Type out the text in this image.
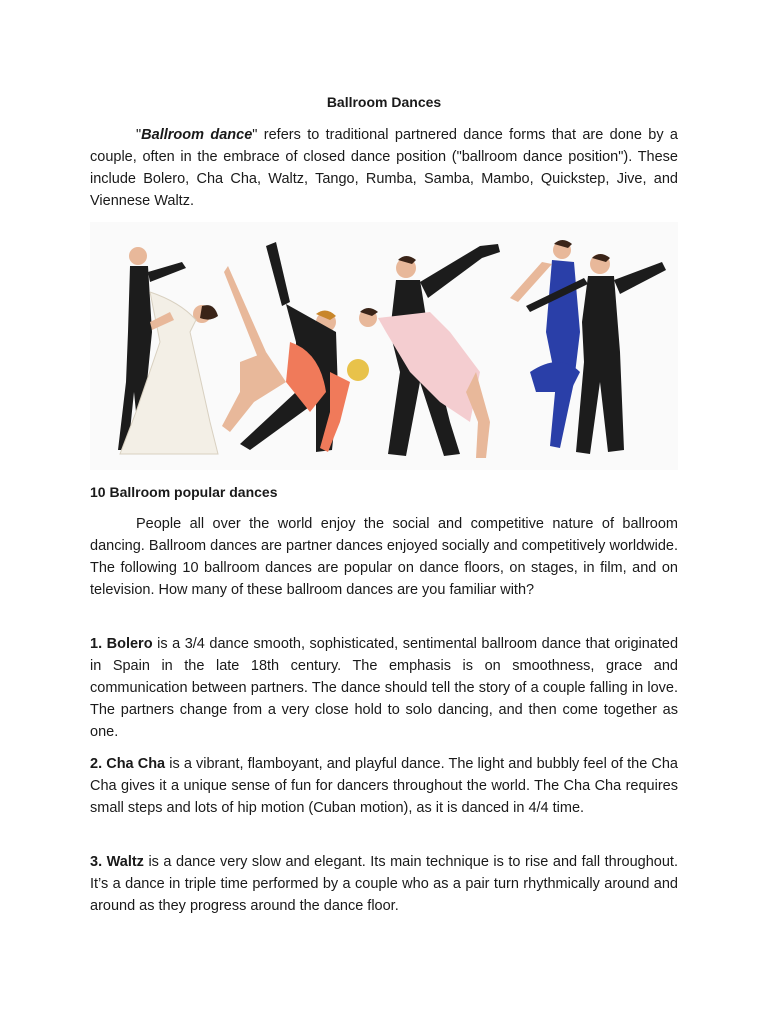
Ballroom Dances

"Ballroom dance" refers to traditional partnered dance forms that are done by a couple, often in the embrace of closed dance position ("ballroom dance position"). These include Bolero, Cha Cha, Waltz, Tango, Rumba, Samba, Mambo, Quickstep, Jive, and Viennese Waltz.

10 Ballroom popular dances

People all over the world enjoy the social and competitive nature of ballroom dancing. Ballroom dances are partner dances enjoyed socially and competitively worldwide. The following 10 ballroom dances are popular on dance floors, on stages, in film, and on television. How many of these ballroom dances are you familiar with?

1. Bolero is a 3/4 dance smooth, sophisticated, sentimental ballroom dance that originated in Spain in the late 18th century. The emphasis is on smoothness, grace and communication between partners. The dance should tell the story of a couple falling in love. The partners change from a very close hold to solo dancing, and then come together as one.

2. Cha Cha is a vibrant, flamboyant, and playful dance. The light and bubbly feel of the Cha Cha gives it a unique sense of fun for dancers throughout the world. The Cha Cha requires small steps and lots of hip motion (Cuban motion), as it is danced in 4/4 time.

3. Waltz is a dance very slow and elegant. Its main technique is to rise and fall throughout. It’s a dance in triple time performed by a couple who as a pair turn rhythmically around and around as they progress around the dance floor.
